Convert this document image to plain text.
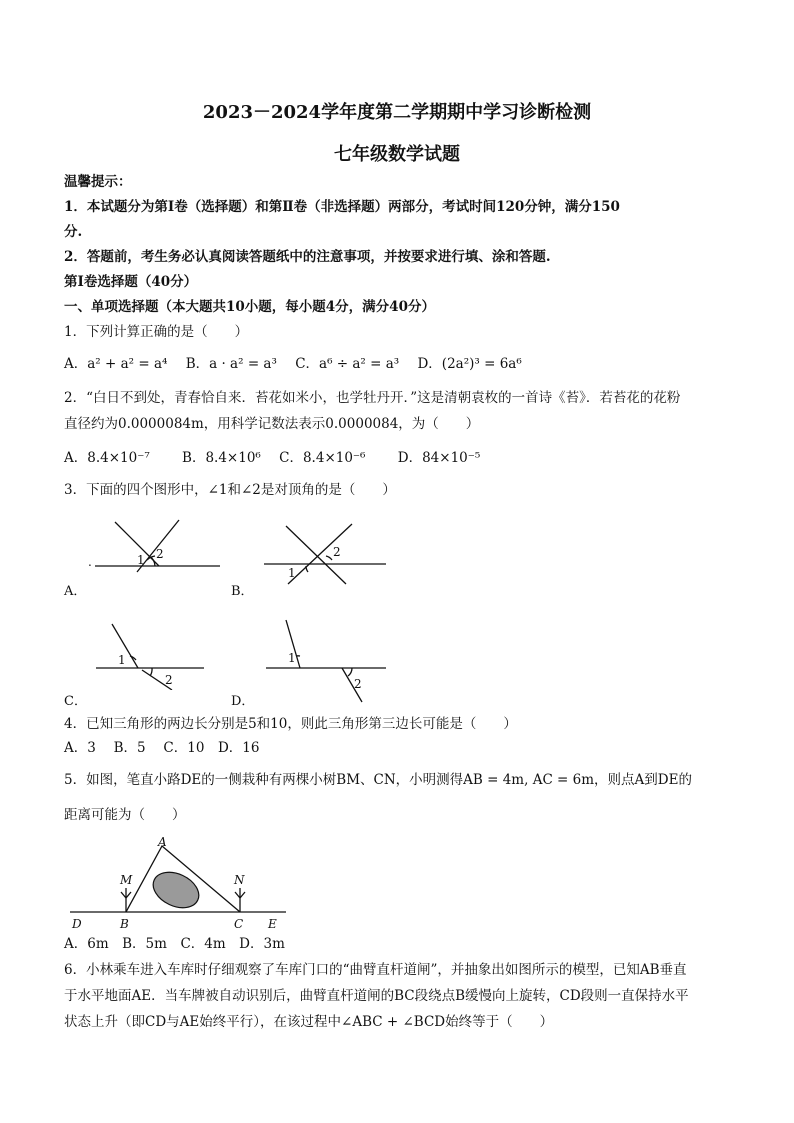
2023－2024学年度第二学期期中学习诊断检测
七年级数学试题
温馨提示：
1．本试题分为第Ⅰ卷（选择题）和第Ⅱ卷（非选择题）两部分，考试时间120分钟，满分150
分.
2．答题前，考生务必认真阅读答题纸中的注意事项，并按要求进行填、涂和答题.
第Ⅰ卷选择题（40分）
一、单项选择题（本大题共10小题，每小题4分，满分40分）
1．下列计算正确的是（　　）
A．a² + a² = a⁴ B．a · a² = a³ C．a⁶ ÷ a² = a³ D．(2a²)³ = 6a⁶
2．“白日不到处，青春恰自来．苔花如米小，也学牡丹开．”这是清朝袁枚的一首诗《苔》．若苔花的花粉
直径约为0.0000084m，用科学记数法表示0.0000084，为（　　）
A．8.4×10⁻⁷ B．8.4×10⁶ C．8.4×10⁻⁶ D．84×10⁻⁵
3．下面的四个图形中，∠1和∠2是对顶角的是（　　）
1 2
.
A．
2
1
B．
1
2
C．
1
2
D．
4．已知三角形的两边长分别是5和10，则此三角形第三边长可能是（　　）
A．3　 B．5　 C．10　D．16
5．如图，笔直小路DE的一侧栽种有两棵小树BM、CN，小明测得AB = 4m, AC = 6m，则点A到DE的
距离可能为（　　）
A
B	C
D	E
M	N
A．6m　B．5m　C．4m　D．3m
6．小林乘车进入车库时仔细观察了车库门口的“曲臂直杆道闸”，并抽象出如图所示的模型，已知AB垂直
于水平地面AE．当车牌被自动识别后，曲臂直杆道闸的BC段绕点B缓慢向上旋转，CD段则一直保持水平
状态上升（即CD与AE始终平行），在该过程中∠ABC + ∠BCD始终等于（　　）
